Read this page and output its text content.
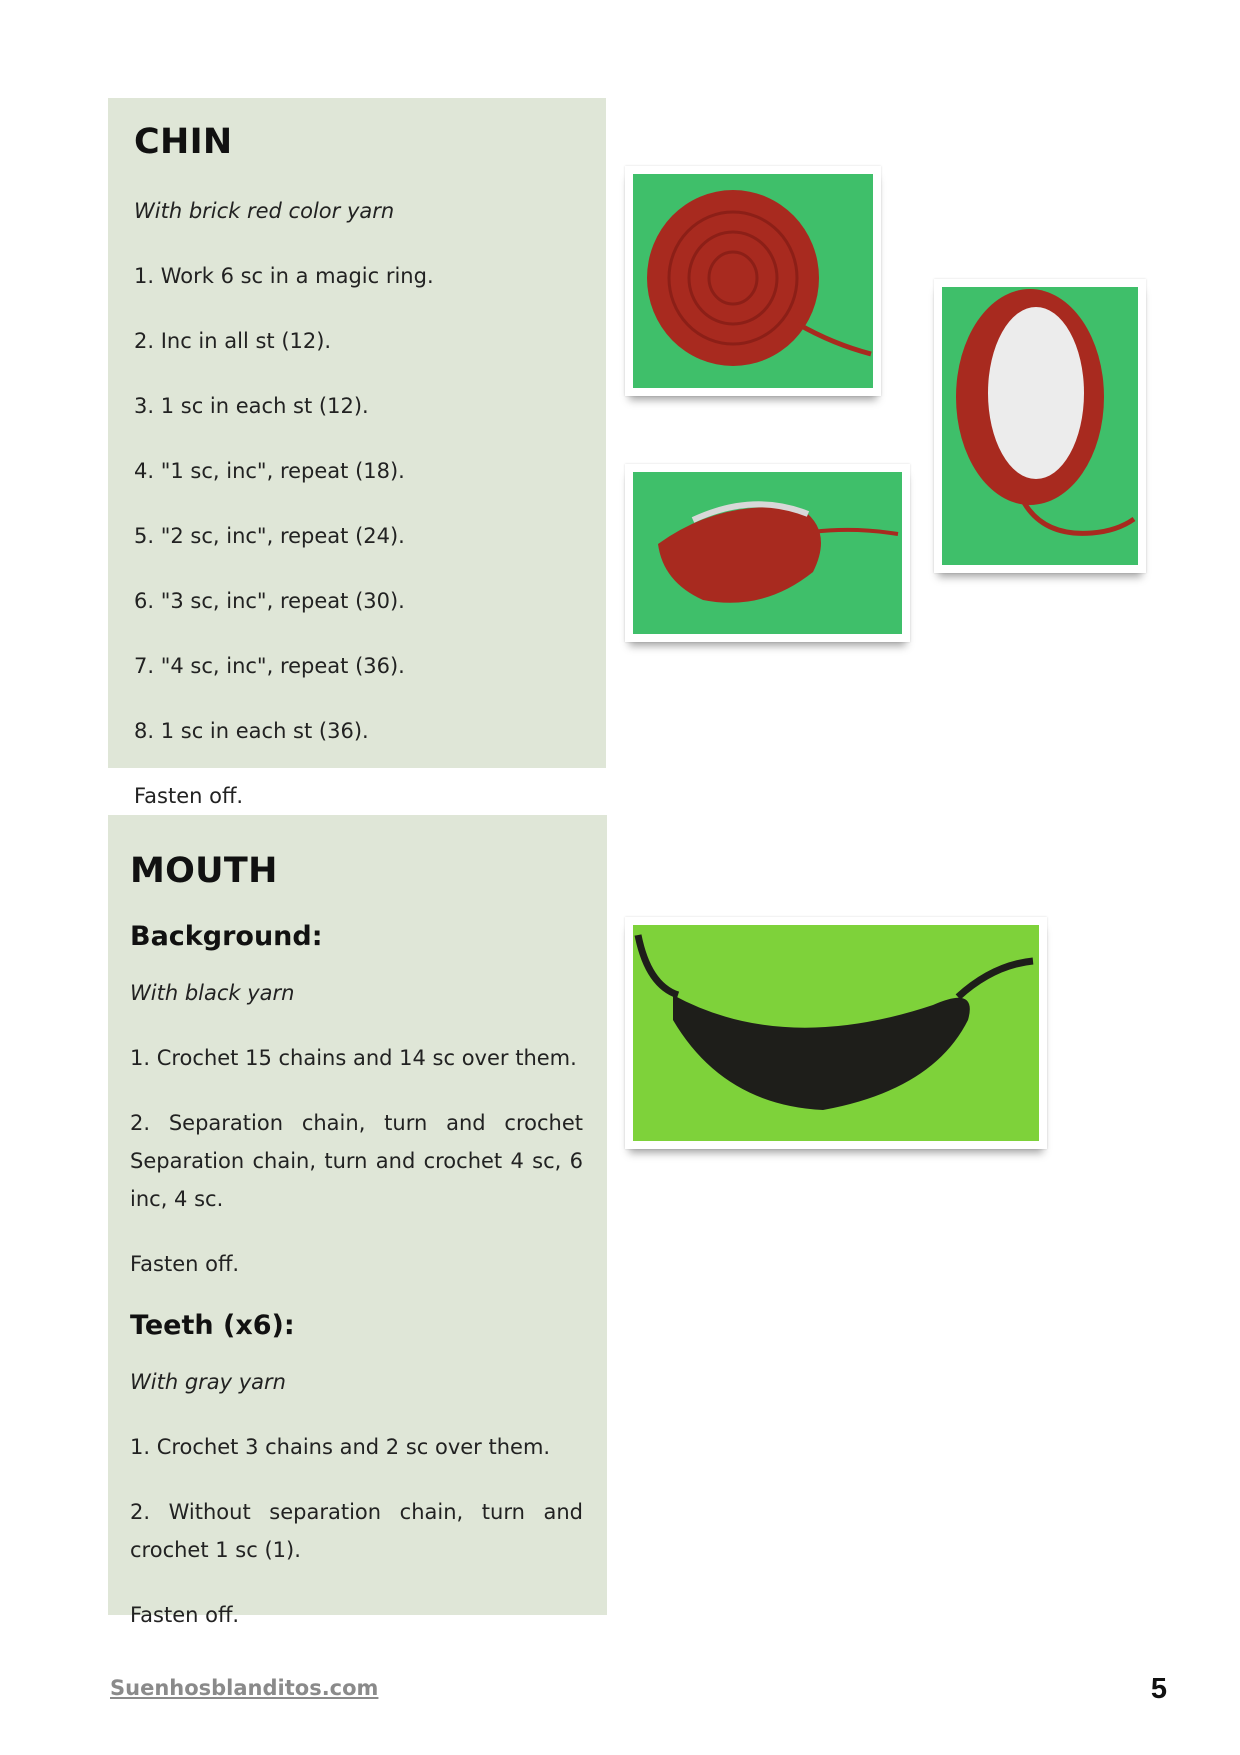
CHIN

With brick red color yarn

1. Work 6 sc in a magic ring.

2. Inc in all st (12).

3. 1 sc in each st (12).

4. "1 sc, inc", repeat (18).

5. "2 sc, inc", repeat (24).

6. "3 sc, inc", repeat (30).

7. "4 sc, inc", repeat (36).

8. 1 sc in each st (36).

Fasten off.

MOUTH
Background:

With black yarn

1. Crochet 15 chains and 14 sc over them.

2. Separation chain, turn and crochet Separation chain, turn and crochet 4 sc, 6 inc, 4 sc.

Fasten off.

Teeth (x6):

With gray yarn

1. Crochet 3 chains and 2 sc over them.

2. Without separation chain, turn and crochet 1 sc (1).

Fasten off.

Suenhosblanditos.com	5
